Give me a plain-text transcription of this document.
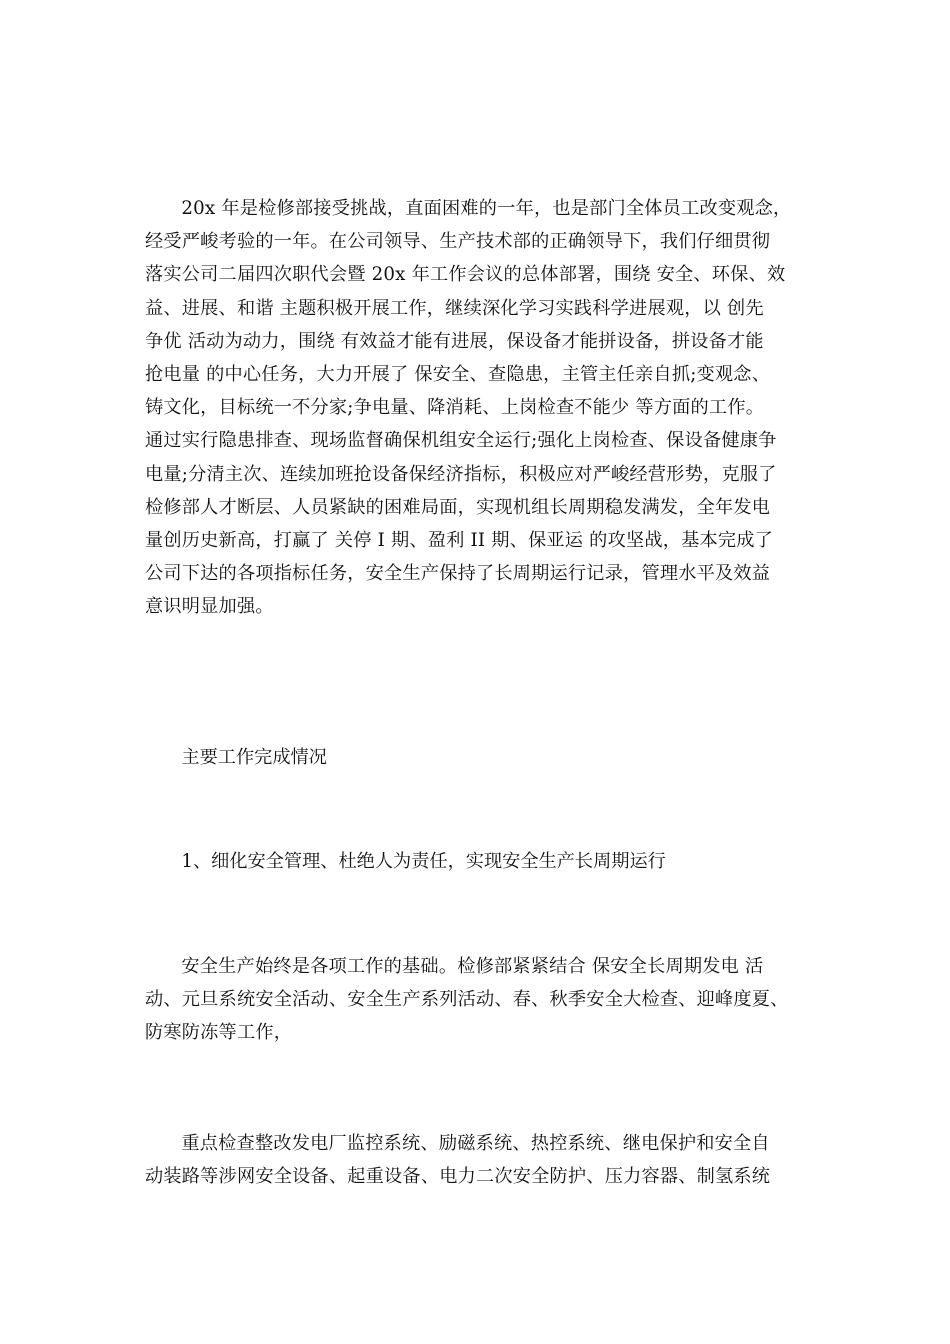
20x 年是检修部接受挑战，直面困难的一年，也是部门全体员工改变观念，
经受严峻考验的一年。在公司领导、生产技术部的正确领导下，我们仔细贯彻
落实公司二届四次职代会暨 20x 年工作会议的总体部署，围绕 安全、环保、效
益、进展、和谐 主题积极开展工作，继续深化学习实践科学进展观，以 创先
争优 活动为动力，围绕 有效益才能有进展，保设备才能拼设备，拼设备才能
抢电量 的中心任务，大力开展了 保安全、查隐患，主管主任亲自抓;变观念、
铸文化，目标统一不分家;争电量、降消耗、上岗检查不能少 等方面的工作。
通过实行隐患排查、现场监督确保机组安全运行;强化上岗检查、保设备健康争
电量;分清主次、连续加班抢设备保经济指标，积极应对严峻经营形势，克服了
检修部人才断层、人员紧缺的困难局面，实现机组长周期稳发满发，全年发电
量创历史新高，打赢了 关停 I 期、盈利 II 期、保亚运 的攻坚战，基本完成了
公司下达的各项指标任务，安全生产保持了长周期运行记录，管理水平及效益
意识明显加强。

主要工作完成情况

1、细化安全管理、杜绝人为责任，实现安全生产长周期运行

安全生产始终是各项工作的基础。检修部紧紧结合 保安全长周期发电 活
动、元旦系统安全活动、安全生产系列活动、春、秋季安全大检查、迎峰度夏、
防寒防冻等工作，
重点检查整改发电厂监控系统、励磁系统、热控系统、继电保护和安全自
动装路等涉网安全设备、起重设备、电力二次安全防护、压力容器、制氢系统
